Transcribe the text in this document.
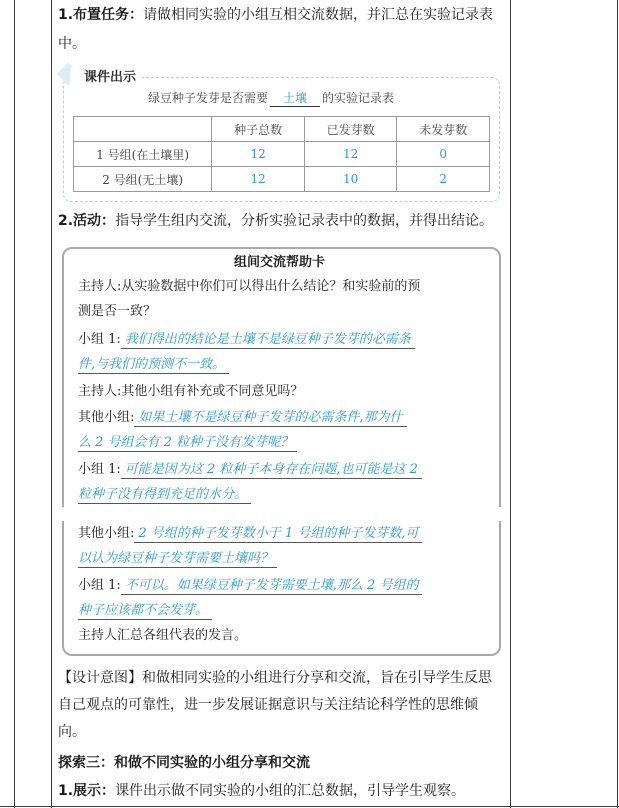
1.布置任务：请做相同实验的小组互相交流数据，并汇总在实验记录表
中。
课件出示
绿豆种子发芽是否需要 土壤 的实验记录表
	种子总数	已发芽数	未发芽数
1 号组(在土壤里)	12	12	0
2 号组(无土壤)	12	10	2
2.活动：指导学生组内交流，分析实验记录表中的数据，并得出结论。
组间交流帮助卡
主持人:从实验数据中你们可以得出什么结论？和实验前的预
测是否一致？
小组 1: 我们得出的结论是土壤不是绿豆种子发芽的必需条
件,与我们的预测不一致。
主持人:其他小组有补充或不同意见吗？
其他小组: 如果土壤不是绿豆种子发芽的必需条件,那为什
么 2 号组会有 2 粒种子没有发芽呢？
小组 1: 可能是因为这 2 粒种子本身存在问题,也可能是这 2
粒种子没有得到充足的水分。
其他小组: 2 号组的种子发芽数小于 1 号组的种子发芽数,可
以认为绿豆种子发芽需要土壤吗？
小组 1: 不可以。如果绿豆种子发芽需要土壤,那么 2 号组的
种子应该都不会发芽。
主持人汇总各组代表的发言。
【设计意图】和做相同实验的小组进行分享和交流，旨在引导学生反思
自己观点的可靠性，进一步发展证据意识与关注结论科学性的思维倾
向。
探索三：和做不同实验的小组分享和交流
1.展示：课件出示做不同实验的小组的汇总数据，引导学生观察。
